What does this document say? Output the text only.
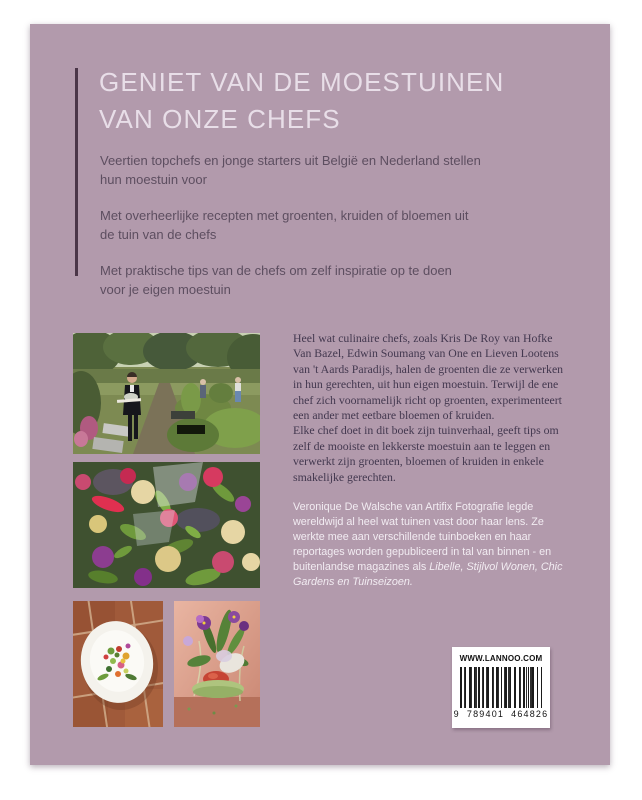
GENIET VAN DE MOESTUINEN
VAN ONZE CHEFS

Veertien topchefs en jonge starters uit België en Nederland stellen
hun moestuin voor

Met overheerlijke recepten met groenten, kruiden of bloemen uit
de tuin van de chefs

Met praktische tips van de chefs om zelf inspiratie op te doen
voor je eigen moestuin

Heel wat culinaire chefs, zoals Kris De Roy van Hofke Van Bazel, Edwin Soumang van One en Lieven Lootens van 't Aards Paradijs, halen de groenten die ze verwerken in hun gerechten, uit hun eigen moestuin. Terwijl de ene chef zich voornamelijk richt op groenten, experimenteert een ander met eetbare bloemen of kruiden.

Elke chef doet in dit boek zijn tuinverhaal, geeft tips om zelf de mooiste en lekkerste moestuin aan te leggen en verwerkt zijn groenten, bloemen of kruiden in enkele smakelijke gerechten.

Veronique De Walsche van Artifix Fotografie legde wereldwijd al heel wat tuinen vast door haar lens. Ze werkte mee aan verschillende tuinboeken en haar reportages worden gepubliceerd in tal van binnen - en buitenlandse magazines als Libelle, Stijlvol Wonen, Chic Gardens en Tuinseizoen.
WWW.LANNOO.COM
9 789401 464826
